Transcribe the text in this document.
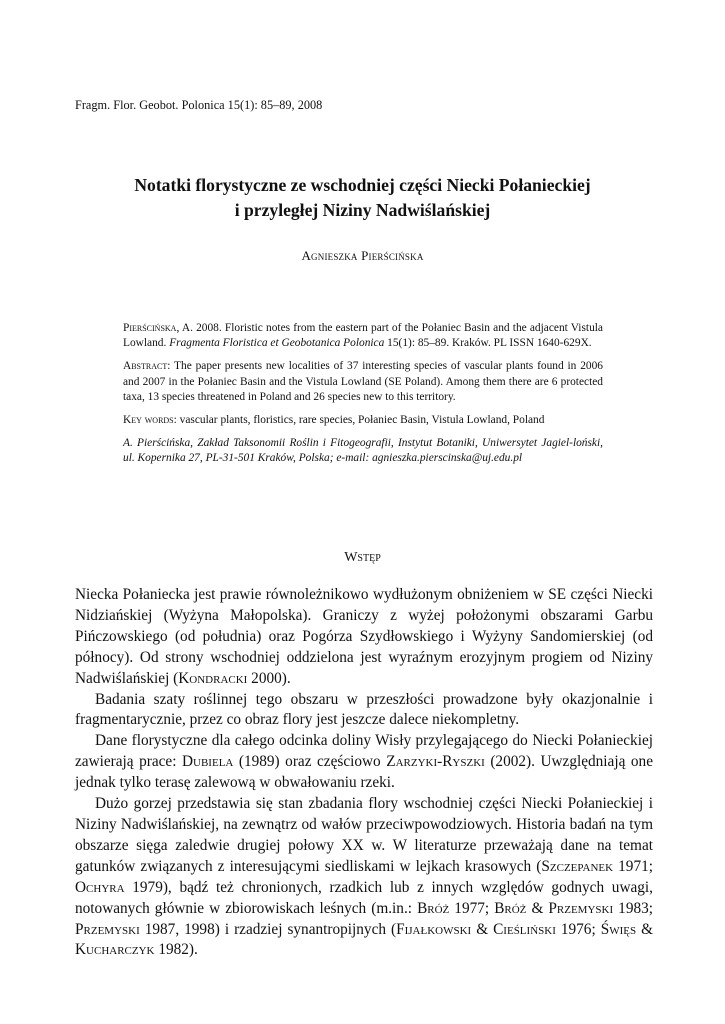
Fragm. Flor. Geobot. Polonica 15(1): 85–89, 2008
Notatki florystyczne ze wschodniej części Niecki Połanieckiej
i przyległej Niziny Nadwiślańskiej
Agnieszka Pierścińska

Pierścińska, A. 2008. Floristic notes from the eastern part of the Połaniec Basin and the adjacent Vistula Lowland. Fragmenta Floristica et Geobotanica Polonica 15(1): 85–89. Kraków. PL ISSN 1640-629X.

Abstract: The paper presents new localities of 37 interesting species of vascular plants found in 2006 and 2007 in the Połaniec Basin and the Vistula Lowland (SE Poland). Among them there are 6 protected taxa, 13 species threatened in Poland and 26 species new to this territory.

Key words: vascular plants, floristics, rare species, Połaniec Basin, Vistula Lowland, Poland

A. Pierścińska, Zakład Taksonomii Roślin i Fitogeografii, Instytut Botaniki, Uniwersytet Jagiel-loński, ul. Kopernika 27, PL-31-501 Kraków, Polska; e-mail: agnieszka.pierscinska@uj.edu.pl

Wstęp

Niecka Połaniecka jest prawie równoleżnikowo wydłużonym obniżeniem w SE części Niecki Nidziańskiej (Wyżyna Małopolska). Graniczy z wyżej położonymi obszarami Garbu Pińczowskiego (od południa) oraz Pogórza Szydłowskiego i Wyżyny Sandomierskiej (od północy). Od strony wschodniej oddzielona jest wyraźnym erozyjnym progiem od Niziny Nadwiślańskiej (Kondracki 2000).

Badania szaty roślinnej tego obszaru w przeszłości prowadzone były okazjonalnie i fragmentarycznie, przez co obraz flory jest jeszcze dalece niekompletny.

Dane florystyczne dla całego odcinka doliny Wisły przylegającego do Niecki Połanieckiej zawierają prace: Dubiela (1989) oraz częściowo Zarzyki-Ryszki (2002). Uwzględniają one jednak tylko terasę zalewową w obwałowaniu rzeki.

Dużo gorzej przedstawia się stan zbadania flory wschodniej części Niecki Połanieckiej i Niziny Nadwiślańskiej, na zewnątrz od wałów przeciwpowodziowych. Historia badań na tym obszarze sięga zaledwie drugiej połowy XX w. W literaturze przeważają dane na temat gatunków związanych z interesującymi siedliskami w lejkach krasowych (Szczepanek 1971; Ochyra 1979), bądź też chronionych, rzadkich lub z innych względów godnych uwagi, notowanych głównie w zbiorowiskach leśnych (m.in.: Bróż 1977; Bróż & Przemyski 1983; Przemyski 1987, 1998) i rzadziej synantropijnych (Fijałkowski & Cieśliński 1976; Święs & Kucharczyk 1982).
